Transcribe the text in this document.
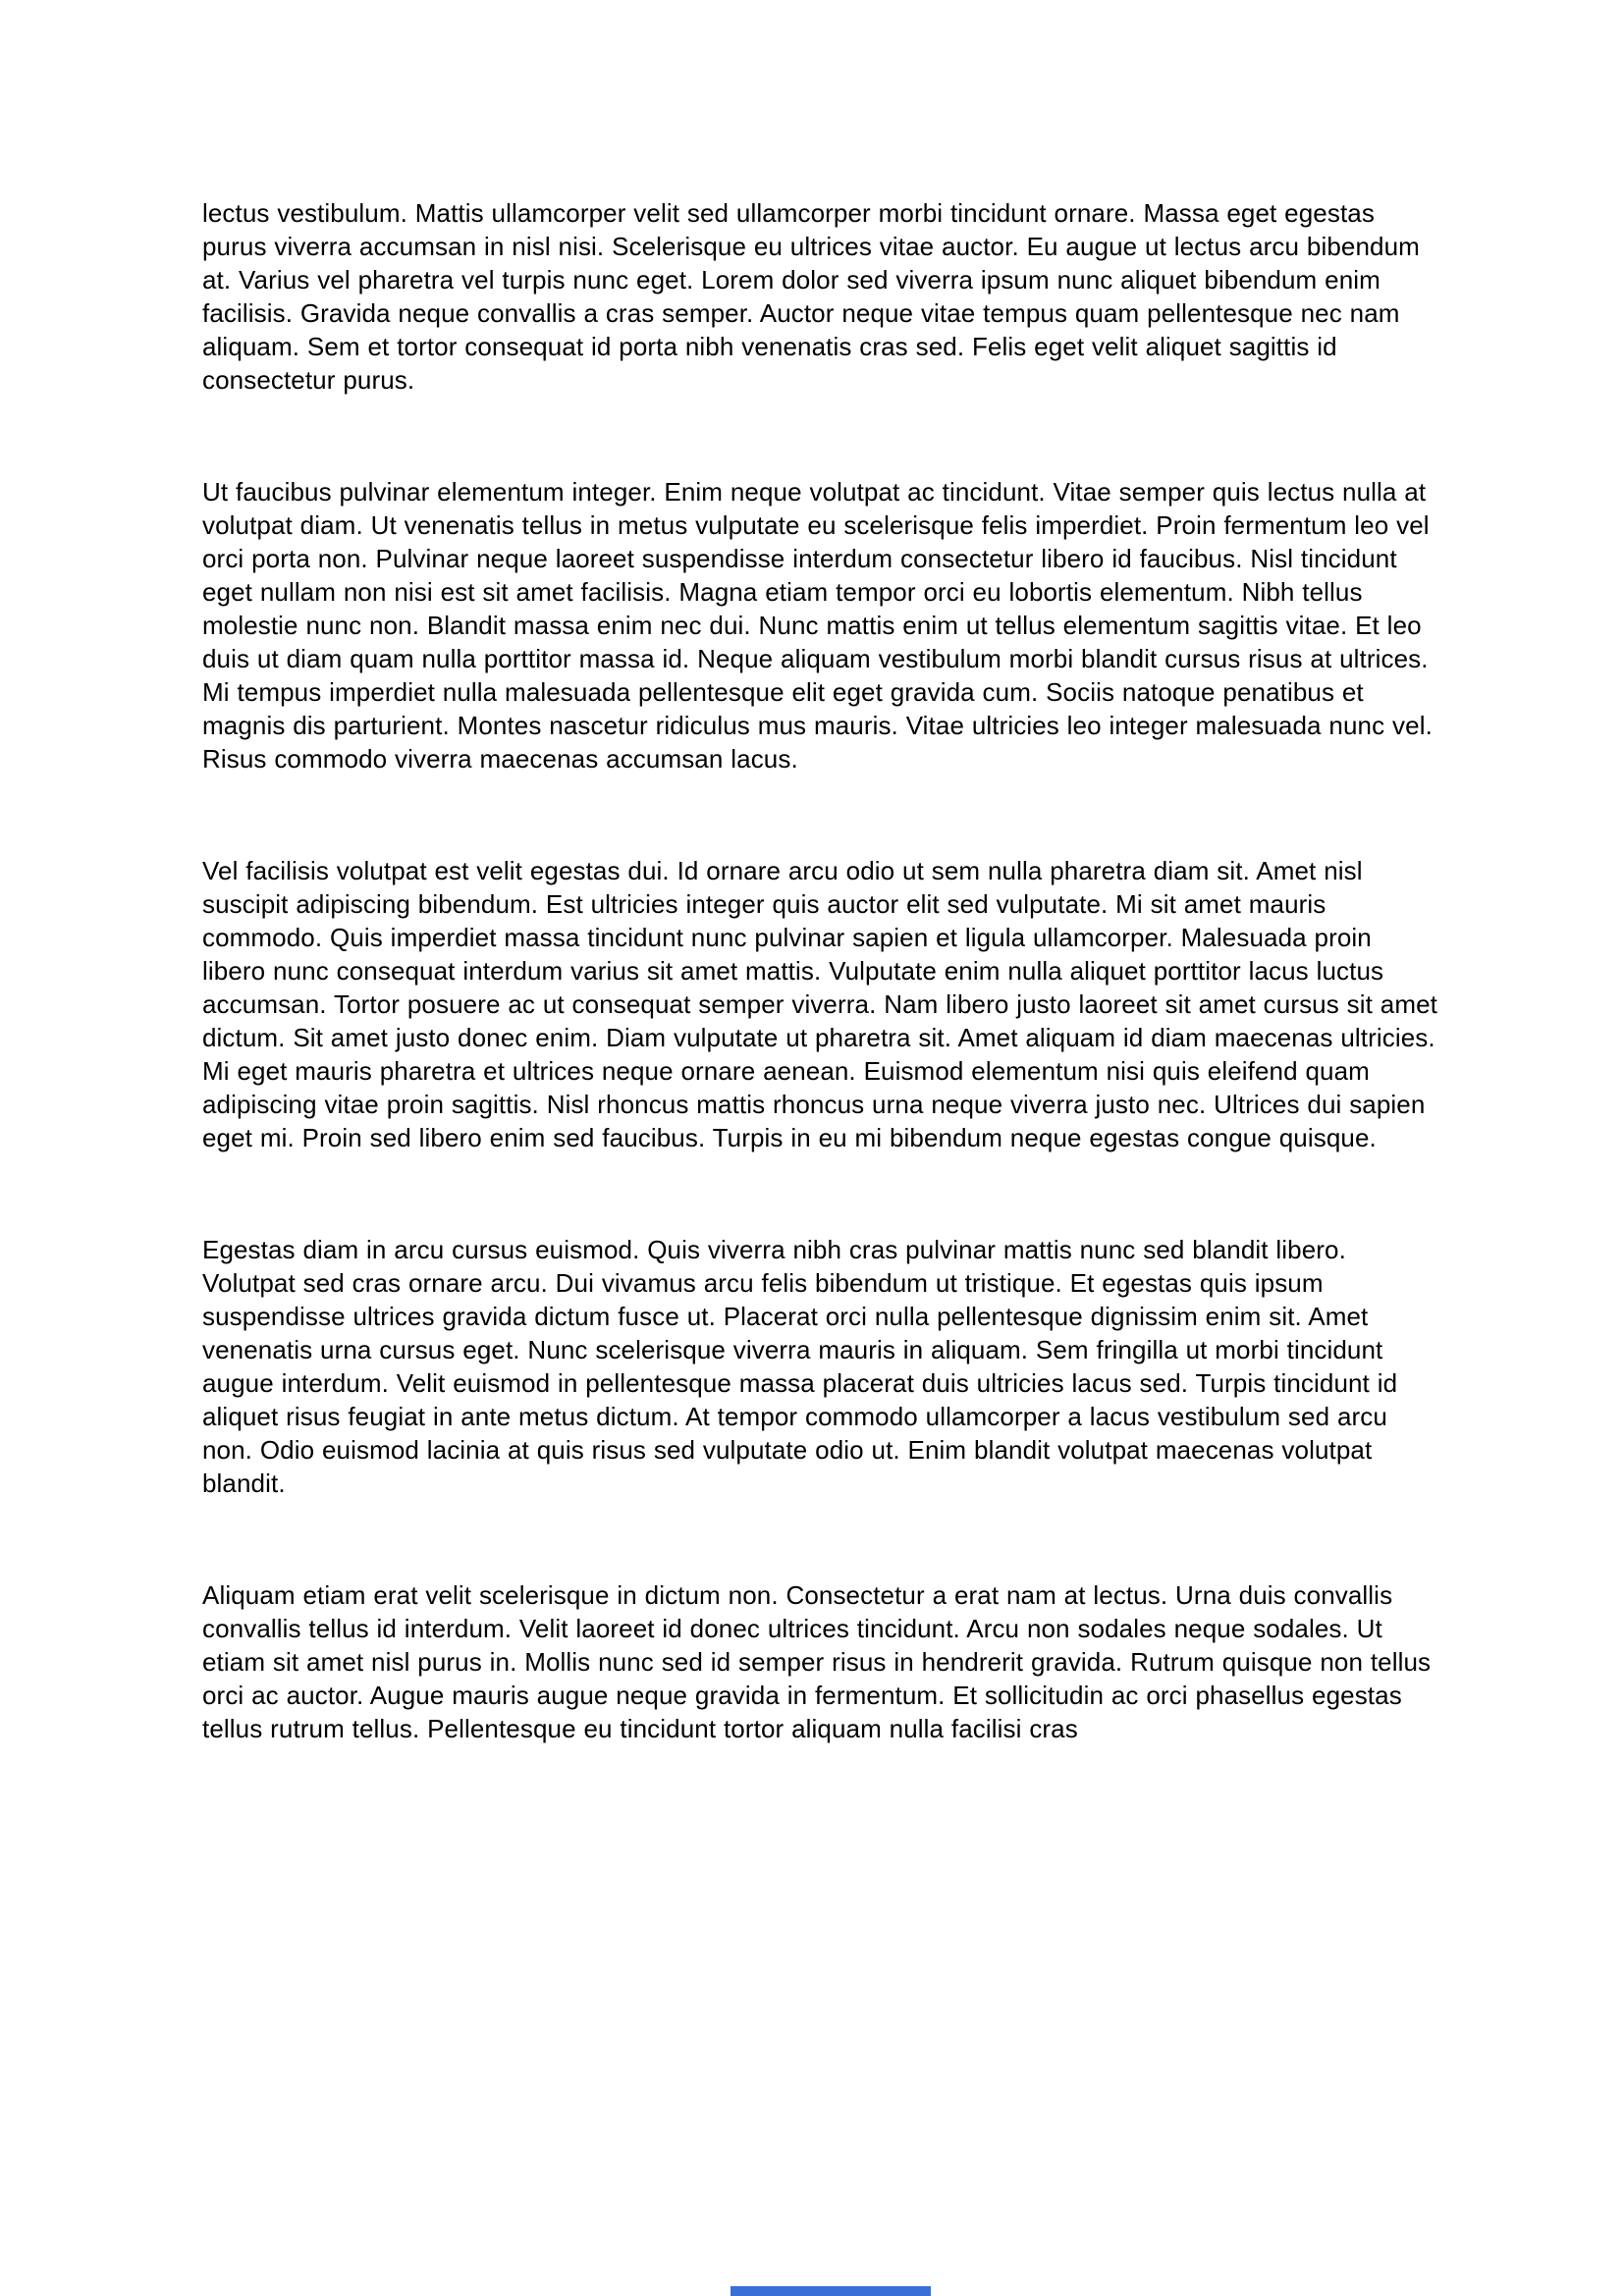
lectus vestibulum. Mattis ullamcorper velit sed ullamcorper morbi tincidunt ornare. Massa eget egestas purus viverra accumsan in nisl nisi. Scelerisque eu ultrices vitae auctor. Eu augue ut lectus arcu bibendum at. Varius vel pharetra vel turpis nunc eget. Lorem dolor sed viverra ipsum nunc aliquet bibendum enim facilisis. Gravida neque convallis a cras semper. Auctor neque vitae tempus quam pellentesque nec nam aliquam. Sem et tortor consequat id porta nibh venenatis cras sed. Felis eget velit aliquet sagittis id consectetur purus.

Ut faucibus pulvinar elementum integer. Enim neque volutpat ac tincidunt. Vitae semper quis lectus nulla at volutpat diam. Ut venenatis tellus in metus vulputate eu scelerisque felis imperdiet. Proin fermentum leo vel orci porta non. Pulvinar neque laoreet suspendisse interdum consectetur libero id faucibus. Nisl tincidunt eget nullam non nisi est sit amet facilisis. Magna etiam tempor orci eu lobortis elementum. Nibh tellus molestie nunc non. Blandit massa enim nec dui. Nunc mattis enim ut tellus elementum sagittis vitae. Et leo duis ut diam quam nulla porttitor massa id. Neque aliquam vestibulum morbi blandit cursus risus at ultrices. Mi tempus imperdiet nulla malesuada pellentesque elit eget gravida cum. Sociis natoque penatibus et magnis dis parturient. Montes nascetur ridiculus mus mauris. Vitae ultricies leo integer malesuada nunc vel. Risus commodo viverra maecenas accumsan lacus.

Vel facilisis volutpat est velit egestas dui. Id ornare arcu odio ut sem nulla pharetra diam sit. Amet nisl suscipit adipiscing bibendum. Est ultricies integer quis auctor elit sed vulputate. Mi sit amet mauris commodo. Quis imperdiet massa tincidunt nunc pulvinar sapien et ligula ullamcorper. Malesuada proin libero nunc consequat interdum varius sit amet mattis. Vulputate enim nulla aliquet porttitor lacus luctus accumsan. Tortor posuere ac ut consequat semper viverra. Nam libero justo laoreet sit amet cursus sit amet dictum. Sit amet justo donec enim. Diam vulputate ut pharetra sit. Amet aliquam id diam maecenas ultricies. Mi eget mauris pharetra et ultrices neque ornare aenean. Euismod elementum nisi quis eleifend quam adipiscing vitae proin sagittis. Nisl rhoncus mattis rhoncus urna neque viverra justo nec. Ultrices dui sapien eget mi. Proin sed libero enim sed faucibus. Turpis in eu mi bibendum neque egestas congue quisque.

Egestas diam in arcu cursus euismod. Quis viverra nibh cras pulvinar mattis nunc sed blandit libero. Volutpat sed cras ornare arcu. Dui vivamus arcu felis bibendum ut tristique. Et egestas quis ipsum suspendisse ultrices gravida dictum fusce ut. Placerat orci nulla pellentesque dignissim enim sit. Amet venenatis urna cursus eget. Nunc scelerisque viverra mauris in aliquam. Sem fringilla ut morbi tincidunt augue interdum. Velit euismod in pellentesque massa placerat duis ultricies lacus sed. Turpis tincidunt id aliquet risus feugiat in ante metus dictum. At tempor commodo ullamcorper a lacus vestibulum sed arcu non. Odio euismod lacinia at quis risus sed vulputate odio ut. Enim blandit volutpat maecenas volutpat blandit.

Aliquam etiam erat velit scelerisque in dictum non. Consectetur a erat nam at lectus. Urna duis convallis convallis tellus id interdum. Velit laoreet id donec ultrices tincidunt. Arcu non sodales neque sodales. Ut etiam sit amet nisl purus in. Mollis nunc sed id semper risus in hendrerit gravida. Rutrum quisque non tellus orci ac auctor. Augue mauris augue neque gravida in fermentum. Et sollicitudin ac orci phasellus egestas tellus rutrum tellus. Pellentesque eu tincidunt tortor aliquam nulla facilisi cras
